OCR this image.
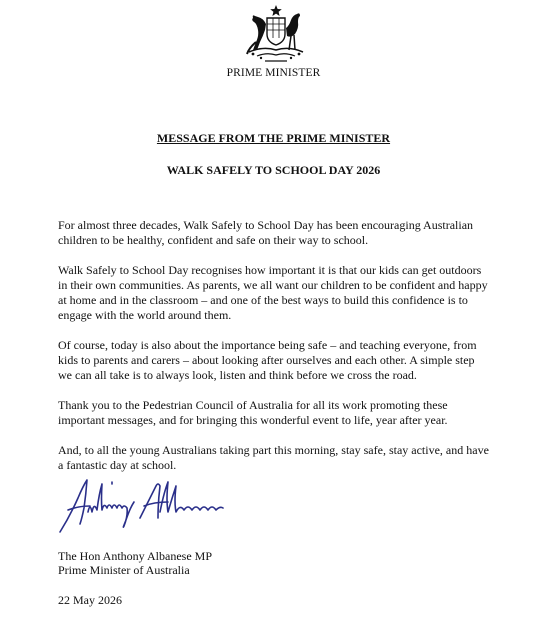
PRIME MINISTER
MESSAGE FROM THE PRIME MINISTER
WALK SAFELY TO SCHOOL DAY 2026

For almost three decades, Walk Safely to School Day has been encouraging Australian children to be healthy, confident and safe on their way to school.

Walk Safely to School Day recognises how important it is that our kids can get outdoors in their own communities. As parents, we all want our children to be confident and happy at home and in the classroom – and one of the best ways to build this confidence is to engage with the world around them.

Of course, today is also about the importance being safe – and teaching everyone, from kids to parents and carers – about looking after ourselves and each other. A simple step we can all take is to always look, listen and think before we cross the road.

Thank you to the Pedestrian Council of Australia for all its work promoting these important messages, and for bringing this wonderful event to life, year after year.

And, to all the young Australians taking part this morning, stay safe, stay active, and have a fantastic day at school.

The Hon Anthony Albanese MP
Prime Minister of Australia
22 May 2026
